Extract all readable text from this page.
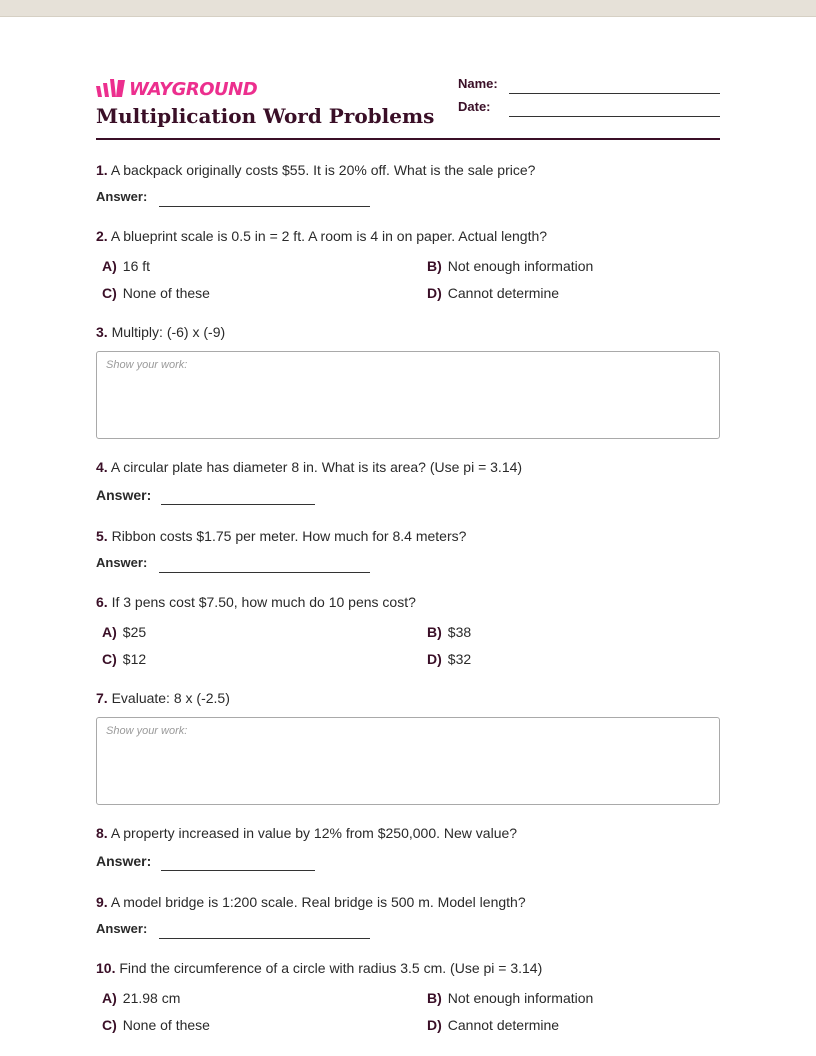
WAYGROUND
Multiplication Word Problems
Name:
Date:
1. A backpack originally costs $55. It is 20% off. What is the sale price?
Answer:
2. A blueprint scale is 0.5 in = 2 ft. A room is 4 in on paper. Actual length?
A) 16 ft	B) Not enough information
C) None of these	D) Cannot determine
3. Multiply: (-6) x (-9)
Show your work:
4. A circular plate has diameter 8 in. What is its area? (Use pi = 3.14)
Answer:
5. Ribbon costs $1.75 per meter. How much for 8.4 meters?
Answer:
6. If 3 pens cost $7.50, how much do 10 pens cost?
A) $25	B) $38
C) $12	D) $32
7. Evaluate: 8 x (-2.5)
Show your work:
8. A property increased in value by 12% from $250,000. New value?
Answer:
9. A model bridge is 1:200 scale. Real bridge is 500 m. Model length?
Answer:
10. Find the circumference of a circle with radius 3.5 cm. (Use pi = 3.14)
A) 21.98 cm	B) Not enough information
C) None of these	D) Cannot determine
